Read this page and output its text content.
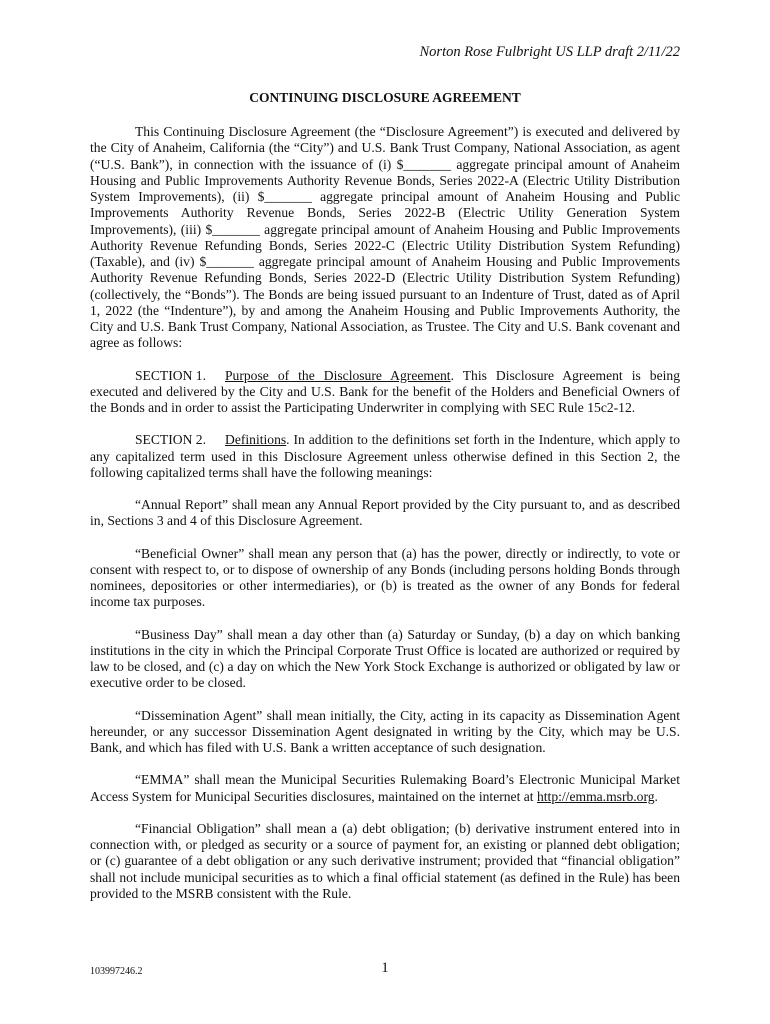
Norton Rose Fulbright US LLP draft 2/11/22
CONTINUING DISCLOSURE AGREEMENT

This Continuing Disclosure Agreement (the “Disclosure Agreement”) is executed and delivered by the City of Anaheim, California (the “City”) and U.S. Bank Trust Company, National Association, as agent (“U.S. Bank”), in connection with the issuance of (i) $_______ aggregate principal amount of Anaheim Housing and Public Improvements Authority Revenue Bonds, Series 2022-A (Electric Utility Distribution System Improvements), (ii) $_______ aggregate principal amount of Anaheim Housing and Public Improvements Authority Revenue Bonds, Series 2022-B (Electric Utility Generation System Improvements), (iii) $_______ aggregate principal amount of Anaheim Housing and Public Improvements Authority Revenue Refunding Bonds, Series 2022-C (Electric Utility Distribution System Refunding) (Taxable), and (iv) $_______ aggregate principal amount of Anaheim Housing and Public Improvements Authority Revenue Refunding Bonds, Series 2022-D (Electric Utility Distribution System Refunding) (collectively, the “Bonds”). The Bonds are being issued pursuant to an Indenture of Trust, dated as of April 1, 2022 (the “Indenture”), by and among the Anaheim Housing and Public Improvements Authority, the City and U.S. Bank Trust Company, National Association, as Trustee. The City and U.S. Bank covenant and agree as follows:

SECTION 1. Purpose of the Disclosure Agreement. This Disclosure Agreement is being executed and delivered by the City and U.S. Bank for the benefit of the Holders and Beneficial Owners of the Bonds and in order to assist the Participating Underwriter in complying with SEC Rule 15c2-12.

SECTION 2. Definitions. In addition to the definitions set forth in the Indenture, which apply to any capitalized term used in this Disclosure Agreement unless otherwise defined in this Section 2, the following capitalized terms shall have the following meanings:

“Annual Report” shall mean any Annual Report provided by the City pursuant to, and as described in, Sections 3 and 4 of this Disclosure Agreement.

“Beneficial Owner” shall mean any person that (a) has the power, directly or indirectly, to vote or consent with respect to, or to dispose of ownership of any Bonds (including persons holding Bonds through nominees, depositories or other intermediaries), or (b) is treated as the owner of any Bonds for federal income tax purposes.

“Business Day” shall mean a day other than (a) Saturday or Sunday, (b) a day on which banking institutions in the city in which the Principal Corporate Trust Office is located are authorized or required by law to be closed, and (c) a day on which the New York Stock Exchange is authorized or obligated by law or executive order to be closed.

“Dissemination Agent” shall mean initially, the City, acting in its capacity as Dissemination Agent hereunder, or any successor Dissemination Agent designated in writing by the City, which may be U.S. Bank, and which has filed with U.S. Bank a written acceptance of such designation.

“EMMA” shall mean the Municipal Securities Rulemaking Board’s Electronic Municipal Market Access System for Municipal Securities disclosures, maintained on the internet at http://emma.msrb.org.

“Financial Obligation” shall mean a (a) debt obligation; (b) derivative instrument entered into in connection with, or pledged as security or a source of payment for, an existing or planned debt obligation; or (c) guarantee of a debt obligation or any such derivative instrument; provided that “financial obligation” shall not include municipal securities as to which a final official statement (as defined in the Rule) has been provided to the MSRB consistent with the Rule.

103997246.2	1
